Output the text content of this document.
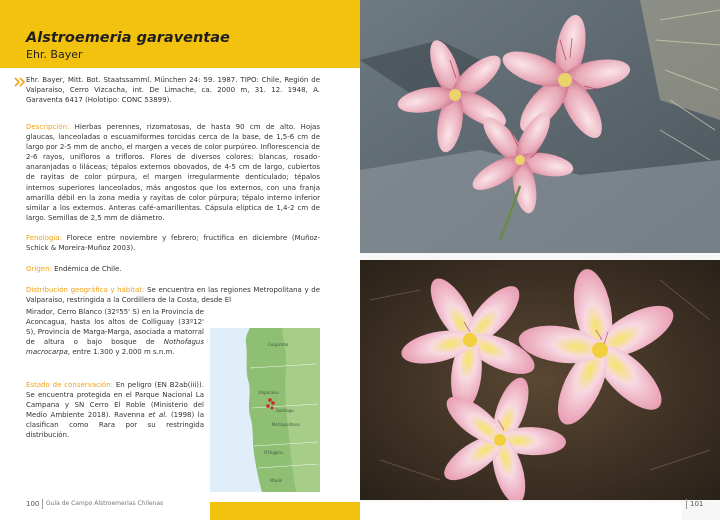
Alstroemeria garaventae
Ehr. Bayer
Ehr. Bayer, Mitt. Bot. Staatssamml. München 24: 59. 1987. TIPO: Chile, Región de Valparaíso, Cerro Vizcacha, int. De Limache, ca. 2000 m, 31. 12. 1948, A. Garaventa 6417 (Holotipo: CONC 53899).
Descripción: Hierbas perennes, rizomatosas, de hasta 90 cm de alto. Hojas glaucas, lanceoladas o escuamiformes torcidas cerca de la base, de 1,5-6 cm de largo por 2-5 mm de ancho, el margen a veces de color purpúreo. Inflorescencia de 2-6 rayos, unifloros a trifloros. Flores de diversos colores: blancas, rosado-anaranjadas o liláceas; tépalos externos obovados, de 4-5 cm de largo, cubiertos de rayitas de color púrpura, el margen irregularmente denticulado; tépalos internos superiores lanceolados, más angostos que los externos, con una franja amarilla débil en la zona media y rayitas de color púrpura; tépalo interno inferior similar a los externos. Anteras café-amarillentas. Cápsula elíptica de 1,4-2 cm de largo. Semillas de 2,5 mm de diámetro.
Fenología: Florece entre noviembre y febrero; fructifica en diciembre (Muñoz-Schick & Moreira-Muñoz 2003).
Origen: Endémica de Chile.
Distribución geográfica y hábitat: Se encuentra en las regiones Metropolitana y de Valparaíso, restringida a la Cordillera de la Costa, desde El
Mirador, Cerro Blanco (32º55' S) en la Provincia de Aconcagua, hasta los altos de Colliguay (33º12' S), Provincia de Marga-Marga, asociada a matorral de altura o bajo bosque de Nothofagus macrocarpa, entre 1.300 y 2.000 m s.n.m.
Estado de conservación: En peligro (EN B2ab(iii)). Se encuentra protegida en el Parque Nacional La Campana y SN Cerro El Roble (Ministerio del Medio Ambiente 2018). Ravenna et al. (1998) la clasifican como Rara por su restringida distribución.
Coquimbo
Valparaíso
Santiago
Metropolitana
O'Higgins
Maule
100 Guía de Campo Alstroemerias Chilenas	101
